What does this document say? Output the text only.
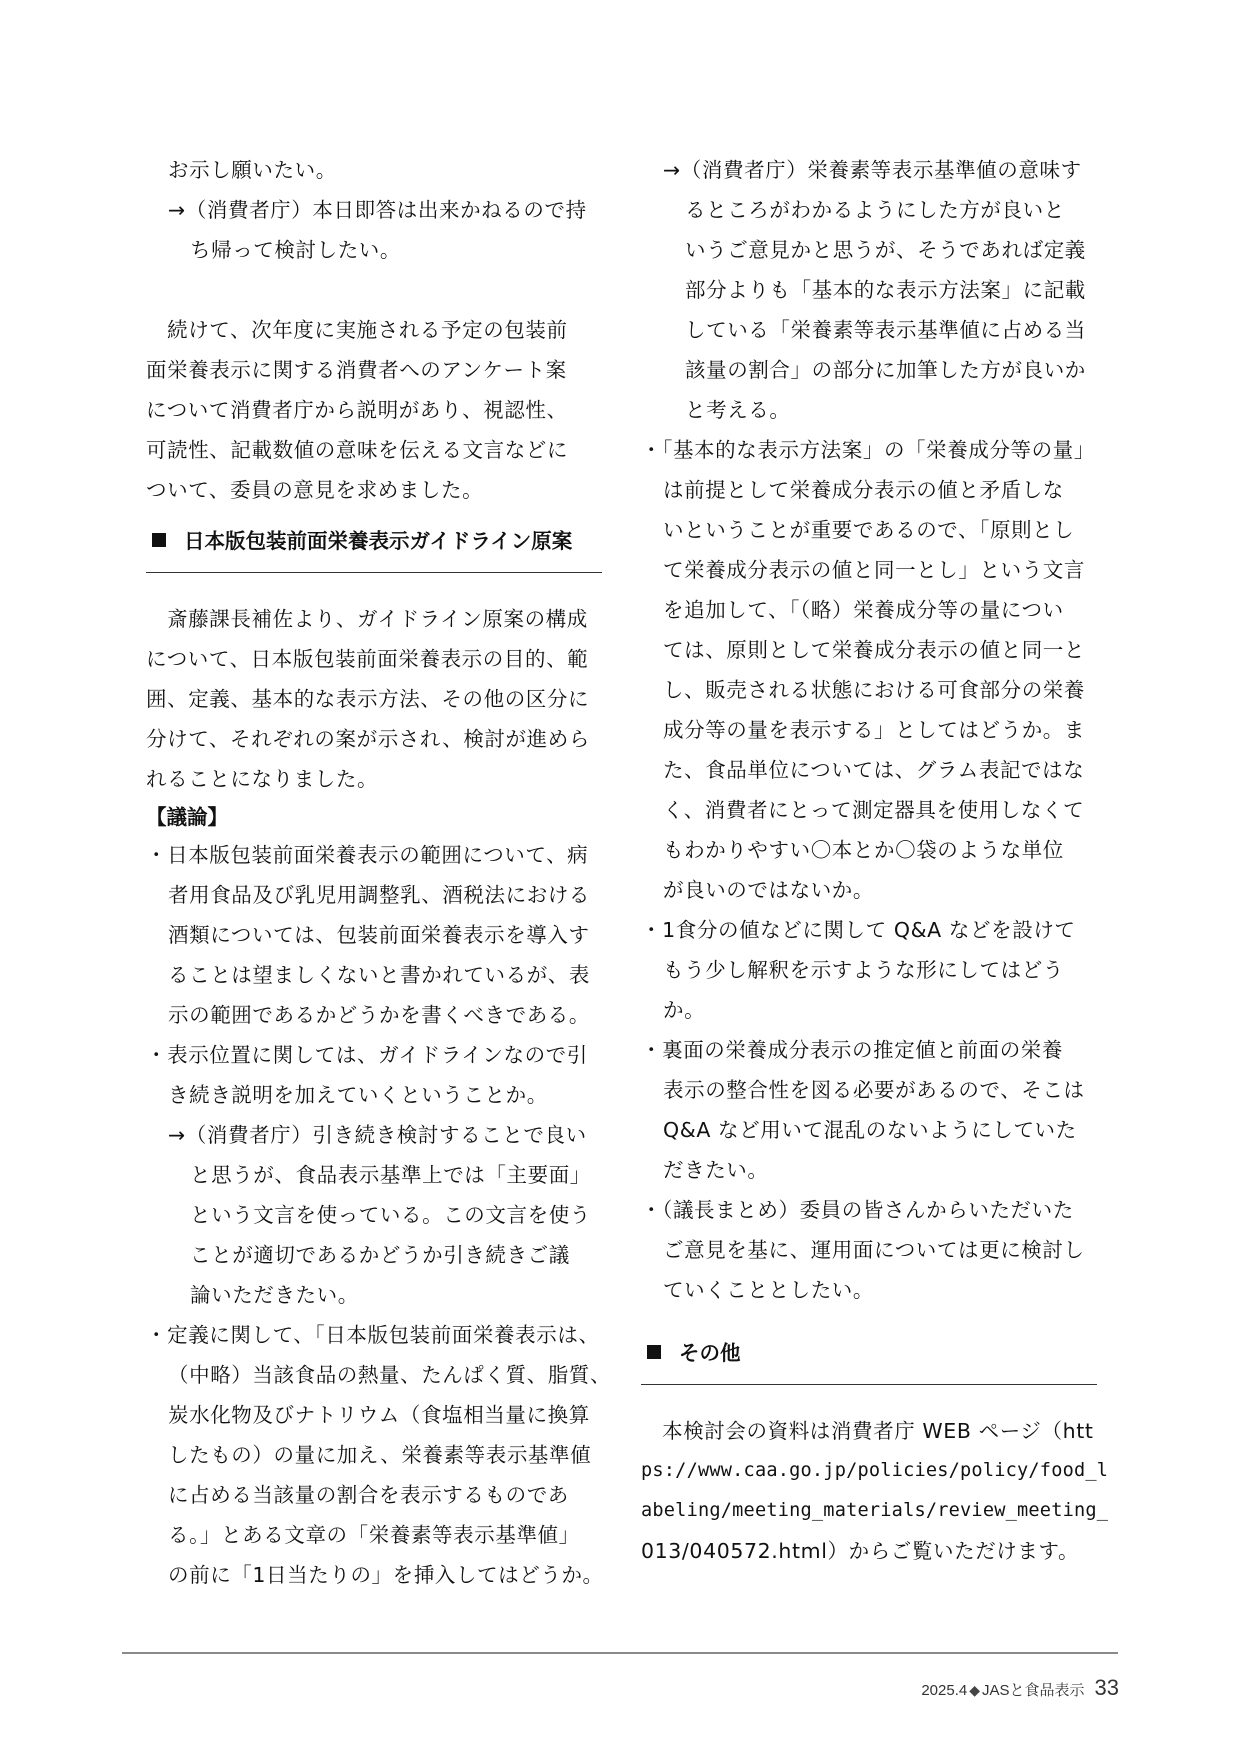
お示し願いたい。
→（消費者庁）本日即答は出来かねるので持
ち帰って検討したい。
　続けて、次年度に実施される予定の包装前
面栄養表示に関する消費者へのアンケート案
について消費者庁から説明があり、視認性、
可読性、記載数値の意味を伝える文言などに
ついて、委員の意見を求めました。
日本版包装前面栄養表示ガイドライン原案
　斎藤課長補佐より、ガイドライン原案の構成
について、日本版包装前面栄養表示の目的、範
囲、定義、基本的な表示方法、その他の区分に
分けて、それぞれの案が示され、検討が進めら
れることになりました。
【議論】
・日本版包装前面栄養表示の範囲について、病
者用食品及び乳児用調整乳、酒税法における
酒類については、包装前面栄養表示を導入す
ることは望ましくないと書かれているが、表
示の範囲であるかどうかを書くべきである。
・表示位置に関しては、ガイドラインなので引
き続き説明を加えていくということか。
→（消費者庁）引き続き検討することで良い
と思うが、食品表示基準上では「主要面」
という文言を使っている。この文言を使う
ことが適切であるかどうか引き続きご議
論いただきたい。
・定義に関して、「日本版包装前面栄養表示は、
（中略）当該食品の熱量、たんぱく質、脂質、
炭水化物及びナトリウム（食塩相当量に換算
したもの）の量に加え、栄養素等表示基準値
に占める当該量の割合を表示するものであ
る。」とある文章の「栄養素等表示基準値」
の前に「1日当たりの」を挿入してはどうか。
→（消費者庁）栄養素等表示基準値の意味す
るところがわかるようにした方が良いと
いうご意見かと思うが、そうであれば定義
部分よりも「基本的な表示方法案」に記載
している「栄養素等表示基準値に占める当
該量の割合」の部分に加筆した方が良いか
と考える。
・「基本的な表示方法案」の「栄養成分等の量」
は前提として栄養成分表示の値と矛盾しな
いということが重要であるので、「原則とし
て栄養成分表示の値と同一とし」という文言
を追加して、「（略）栄養成分等の量につい
ては、原則として栄養成分表示の値と同一と
し、販売される状態における可食部分の栄養
成分等の量を表示する」としてはどうか。ま
た、食品単位については、グラム表記ではな
く、消費者にとって測定器具を使用しなくて
もわかりやすい〇本とか〇袋のような単位
が良いのではないか。
・1食分の値などに関して Q&A などを設けて
もう少し解釈を示すような形にしてはどう
か。
・裏面の栄養成分表示の推定値と前面の栄養
表示の整合性を図る必要があるので、そこは
Q&A など用いて混乱のないようにしていた
だきたい。
・（議長まとめ）委員の皆さんからいただいた
ご意見を基に、運用面については更に検討し
ていくこととしたい。
その他
　本検討会の資料は消費者庁 WEB ページ（htt
ps://www.caa.go.jp/policies/policy/food_l
abeling/meeting_materials/review_meeting_
013/040572.html）からご覧いただけます。
2025.4 ◆ JASと食品表示 33
